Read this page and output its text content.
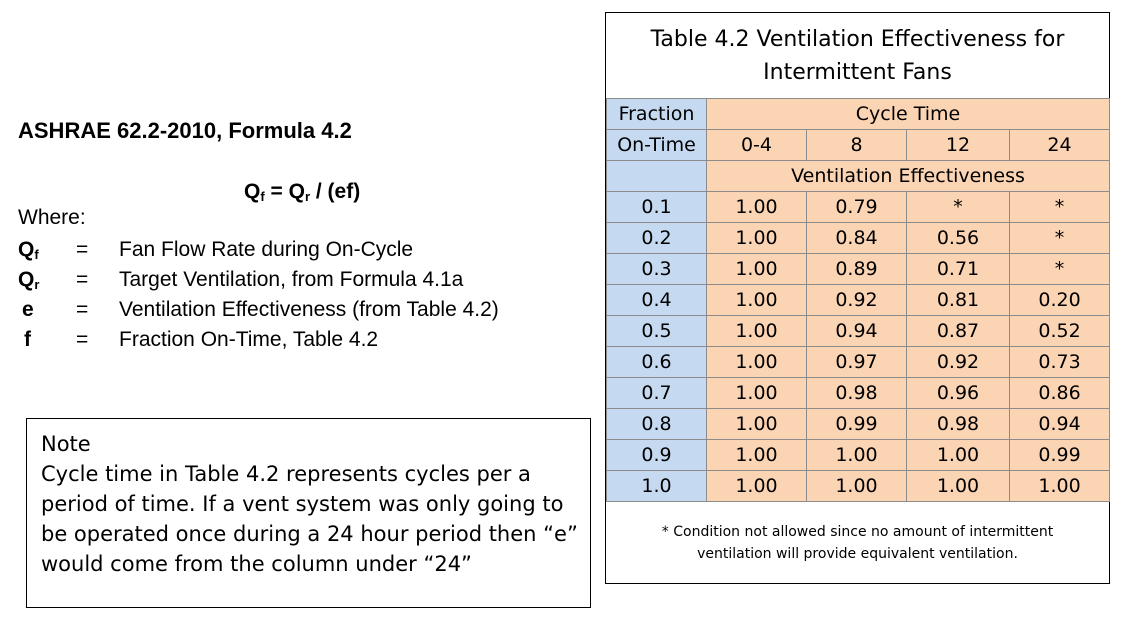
ASHRAE 62.2-2010, Formula 4.2
$Q_f = Q_r / (ef)$
Where:
$Q_f$	= Fan Flow Rate during On-Cycle
$Q_r$	= Target Ventilation, from Formula 4.1a
e	= Ventilation Effectiveness (from Table 4.2)
f	= Fraction On-Time, Table 4.2
Note
Cycle time in Table 4.2 represents cycles per a period of time. If a vent system was only going to be operated once during a 24 hour period then “e” would come from the column under “24”
Table 4.2 Ventilation Effectiveness for
Intermittent Fans
Fraction	Cycle Time			
On-Time	0-4	8	12	24
	Ventilation Effectiveness			
0.1	1.00	0.79	*	*
0.2	1.00	0.84	0.56	*
0.3	1.00	0.89	0.71	*
0.4	1.00	0.92	0.81	0.20
0.5	1.00	0.94	0.87	0.52
0.6	1.00	0.97	0.92	0.73
0.7	1.00	0.98	0.96	0.86
0.8	1.00	0.99	0.98	0.94
0.9	1.00	1.00	1.00	0.99
1.0	1.00	1.00	1.00	1.00
* Condition not allowed since no amount of intermittent
ventilation will provide equivalent ventilation.
